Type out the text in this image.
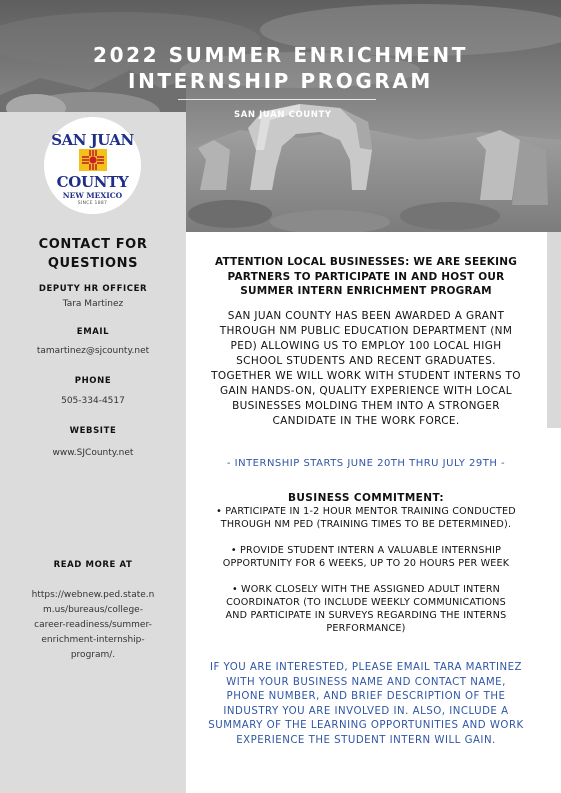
2022 SUMMER ENRICHMENT
INTERNSHIP PROGRAM
SAN JUAN COUNTY
SAN JUAN
COUNTY
NEW MEXICO
SINCE 1887
CONTACT FOR
QUESTIONS
DEPUTY HR OFFICER
Tara Martinez
EMAIL
tamartinez@sjcounty.net
PHONE
505-334-4517
WEBSITE
www.SJCounty.net
READ MORE AT
https://webnew.ped.state.n
m.us/bureaus/college-
career-readiness/summer-
enrichment-internship-
program/.
ATTENTION LOCAL BUSINESSES: WE ARE SEEKING
PARTNERS TO PARTICIPATE IN AND HOST OUR
SUMMER INTERN ENRICHMENT PROGRAM
SAN JUAN COUNTY HAS BEEN AWARDED A GRANT
THROUGH NM PUBLIC EDUCATION DEPARTMENT (NM
PED) ALLOWING US TO EMPLOY 100 LOCAL HIGH
SCHOOL STUDENTS AND RECENT GRADUATES.
TOGETHER WE WILL WORK WITH STUDENT INTERNS TO
GAIN HANDS-ON, QUALITY EXPERIENCE WITH LOCAL
BUSINESSES MOLDING THEM INTO A STRONGER
CANDIDATE IN THE WORK FORCE.
- INTERNSHIP STARTS JUNE 20TH THRU JULY 29TH -
BUSINESS COMMITMENT:
• PARTICIPATE IN 1-2 HOUR MENTOR TRAINING CONDUCTED
THROUGH NM PED (TRAINING TIMES TO BE DETERMINED).
• PROVIDE STUDENT INTERN A VALUABLE INTERNSHIP
OPPORTUNITY FOR 6 WEEKS, UP TO 20 HOURS PER WEEK
• WORK CLOSELY WITH THE ASSIGNED ADULT INTERN
COORDINATOR (TO INCLUDE WEEKLY COMMUNICATIONS
AND PARTICIPATE IN SURVEYS REGARDING THE INTERNS
PERFORMANCE)
IF YOU ARE INTERESTED, PLEASE EMAIL TARA MARTINEZ
WITH YOUR BUSINESS NAME AND CONTACT NAME,
PHONE NUMBER, AND BRIEF DESCRIPTION OF THE
INDUSTRY YOU ARE INVOLVED IN. ALSO, INCLUDE A
SUMMARY OF THE LEARNING OPPORTUNITIES AND WORK
EXPERIENCE THE STUDENT INTERN WILL GAIN.
